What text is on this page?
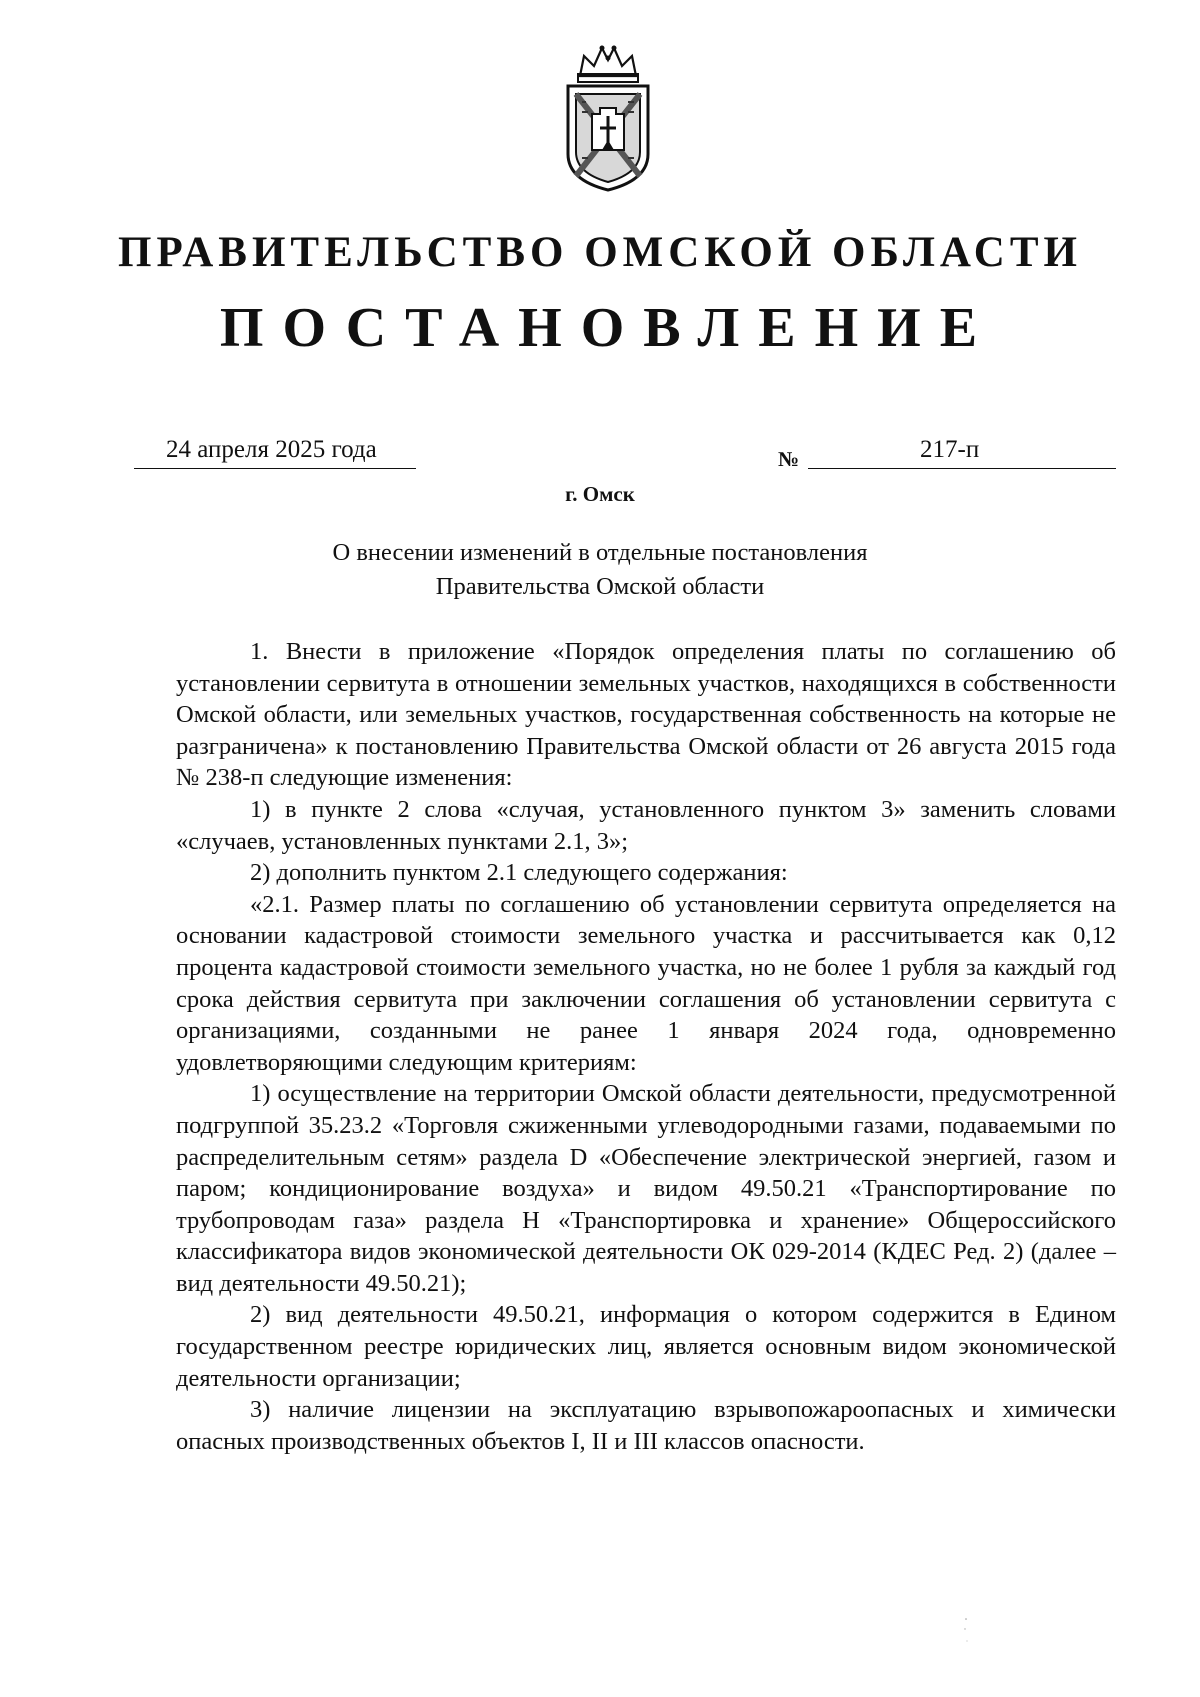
ПРАВИТЕЛЬСТВО ОМСКОЙ ОБЛАСТИ
ПОСТАНОВЛЕНИЕ
24 апреля 2025 года	№	217-п
г. Омск
О внесении изменений в отдельные постановления
Правительства Омской области

1. Внести в приложение «Порядок определения платы по соглашению об установлении сервитута в отношении земельных участков, находящихся в собственности Омской области, или земельных участков, государственная собственность на которые не разграничена» к постановлению Правительства Омской области от 26 августа 2015 года № 238-п следующие изменения:

1) в пункте 2 слова «случая, установленного пунктом 3» заменить словами «случаев, установленных пунктами 2.1, 3»;

2) дополнить пунктом 2.1 следующего содержания:

«2.1. Размер платы по соглашению об установлении сервитута определяется на основании кадастровой стоимости земельного участка и рассчитывается как 0,12 процента кадастровой стоимости земельного участка, но не более 1 рубля за каждый год срока действия сервитута при заключении соглашения об установлении сервитута с организациями, созданными не ранее 1 января 2024 года, одновременно удовлетворяющими следующим критериям:

1) осуществление на территории Омской области деятельности, предусмотренной подгруппой 35.23.2 «Торговля сжиженными углеводородными газами, подаваемыми по распределительным сетям» раздела D «Обеспечение электрической энергией, газом и паром; кондиционирование воздуха» и видом 49.50.21 «Транспортирование по трубопроводам газа» раздела H «Транспортировка и хранение» Общероссийского классификатора видов экономической деятельности ОК 029-2014 (КДЕС Ред. 2) (далее – вид деятельности 49.50.21);

2) вид деятельности 49.50.21, информация о котором содержится в Едином государственном реестре юридических лиц, является основным видом экономической деятельности организации;

3) наличие лицензии на эксплуатацию взрывопожароопасных и химически опасных производственных объектов I, II и III классов опасности.
